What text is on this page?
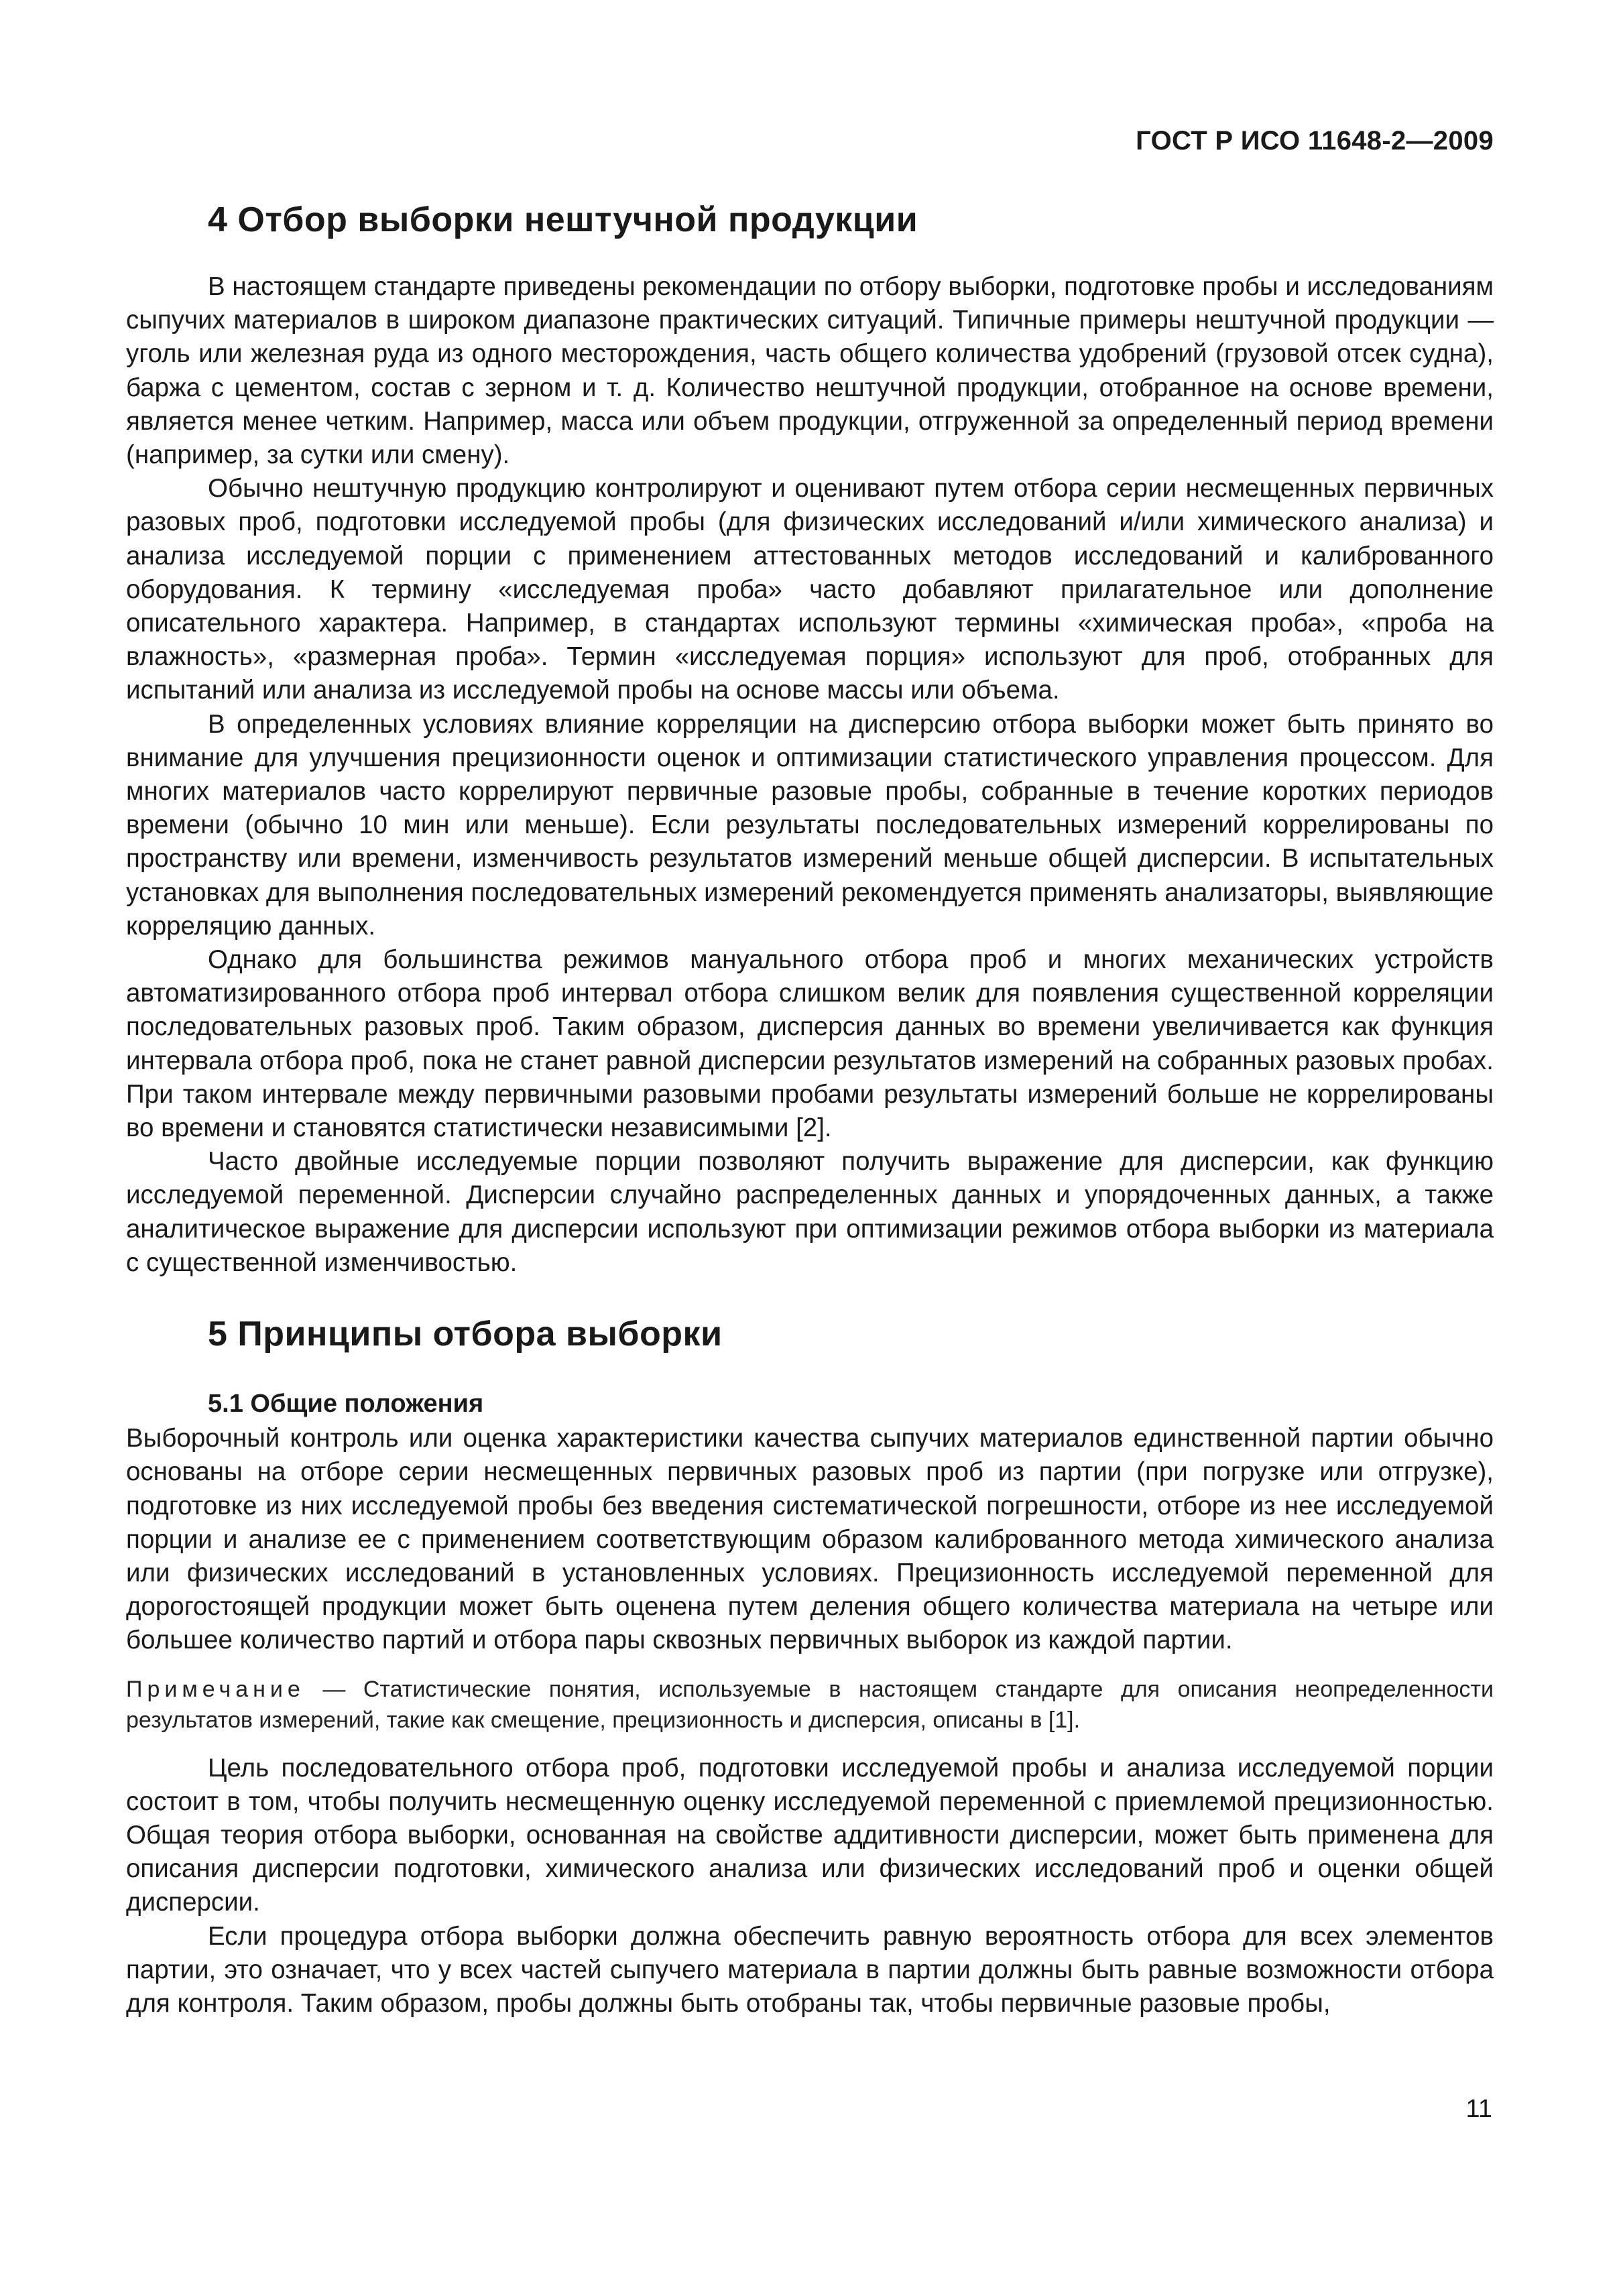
ГОСТ Р ИСО 11648-2—2009
4 Отбор выборки нештучной продукции

В настоящем стандарте приведены рекомендации по отбору выборки, подготовке пробы и исследованиям сыпучих материалов в широком диапазоне практических ситуаций. Типичные примеры нештучной продукции — уголь или железная руда из одного месторождения, часть общего количества удобрений (грузовой отсек судна), баржа с цементом, состав с зерном и т. д. Количество нештучной продукции, отобранное на основе времени, является менее четким. Например, масса или объем продукции, отгруженной за определенный период времени (например, за сутки или смену).

Обычно нештучную продукцию контролируют и оценивают путем отбора серии несмещенных первичных разовых проб, подготовки исследуемой пробы (для физических исследований и/или химического анализа) и анализа исследуемой порции с применением аттестованных методов исследований и калиброванного оборудования. К термину «исследуемая проба» часто добавляют прилагательное или дополнение описательного характера. Например, в стандартах используют термины «химическая проба», «проба на влажность», «размерная проба». Термин «исследуемая порция» используют для проб, отобранных для испытаний или анализа из исследуемой пробы на основе массы или объема.

В определенных условиях влияние корреляции на дисперсию отбора выборки может быть принято во внимание для улучшения прецизионности оценок и оптимизации статистического управления процессом. Для многих материалов часто коррелируют первичные разовые пробы, собранные в течение коротких периодов времени (обычно 10 мин или меньше). Если результаты последовательных измерений коррелированы по пространству или времени, изменчивость результатов измерений меньше общей дисперсии. В испытательных установках для выполнения последовательных измерений рекомендуется применять анализаторы, выявляющие корреляцию данных.

Однако для большинства режимов мануального отбора проб и многих механических устройств автоматизированного отбора проб интервал отбора слишком велик для появления существенной корреляции последовательных разовых проб. Таким образом, дисперсия данных во времени увеличивается как функция интервала отбора проб, пока не станет равной дисперсии результатов измерений на собранных разовых пробах. При таком интервале между первичными разовыми пробами результаты измерений больше не коррелированы во времени и становятся статистически независимыми [2].

Часто двойные исследуемые порции позволяют получить выражение для дисперсии, как функцию исследуемой переменной. Дисперсии случайно распределенных данных и упорядоченных данных, а также аналитическое выражение для дисперсии используют при оптимизации режимов отбора выборки из материала с существенной изменчивостью.

5 Принципы отбора выборки
5.1 Общие положения

Выборочный контроль или оценка характеристики качества сыпучих материалов единственной партии обычно основаны на отборе серии несмещенных первичных разовых проб из партии (при погрузке или отгрузке), подготовке из них исследуемой пробы без введения систематической погрешности, отборе из нее исследуемой порции и анализе ее с применением соответствующим образом калиброванного метода химического анализа или физических исследований в установленных условиях. Прецизионность исследуемой переменной для дорогостоящей продукции может быть оценена путем деления общего количества материала на четыре или большее количество партий и отбора пары сквозных первичных выборок из каждой партии.

Примечание — Статистические понятия, используемые в настоящем стандарте для описания неопределенности результатов измерений, такие как смещение, прецизионность и дисперсия, описаны в [1].

Цель последовательного отбора проб, подготовки исследуемой пробы и анализа исследуемой порции состоит в том, чтобы получить несмещенную оценку исследуемой переменной с приемлемой прецизионностью. Общая теория отбора выборки, основанная на свойстве аддитивности дисперсии, может быть применена для описания дисперсии подготовки, химического анализа или физических исследований проб и оценки общей дисперсии.

Если процедура отбора выборки должна обеспечить равную вероятность отбора для всех элементов партии, это означает, что у всех частей сыпучего материала в партии должны быть равные возможности отбора для контроля. Таким образом, пробы должны быть отобраны так, чтобы первичные разовые пробы,

11
